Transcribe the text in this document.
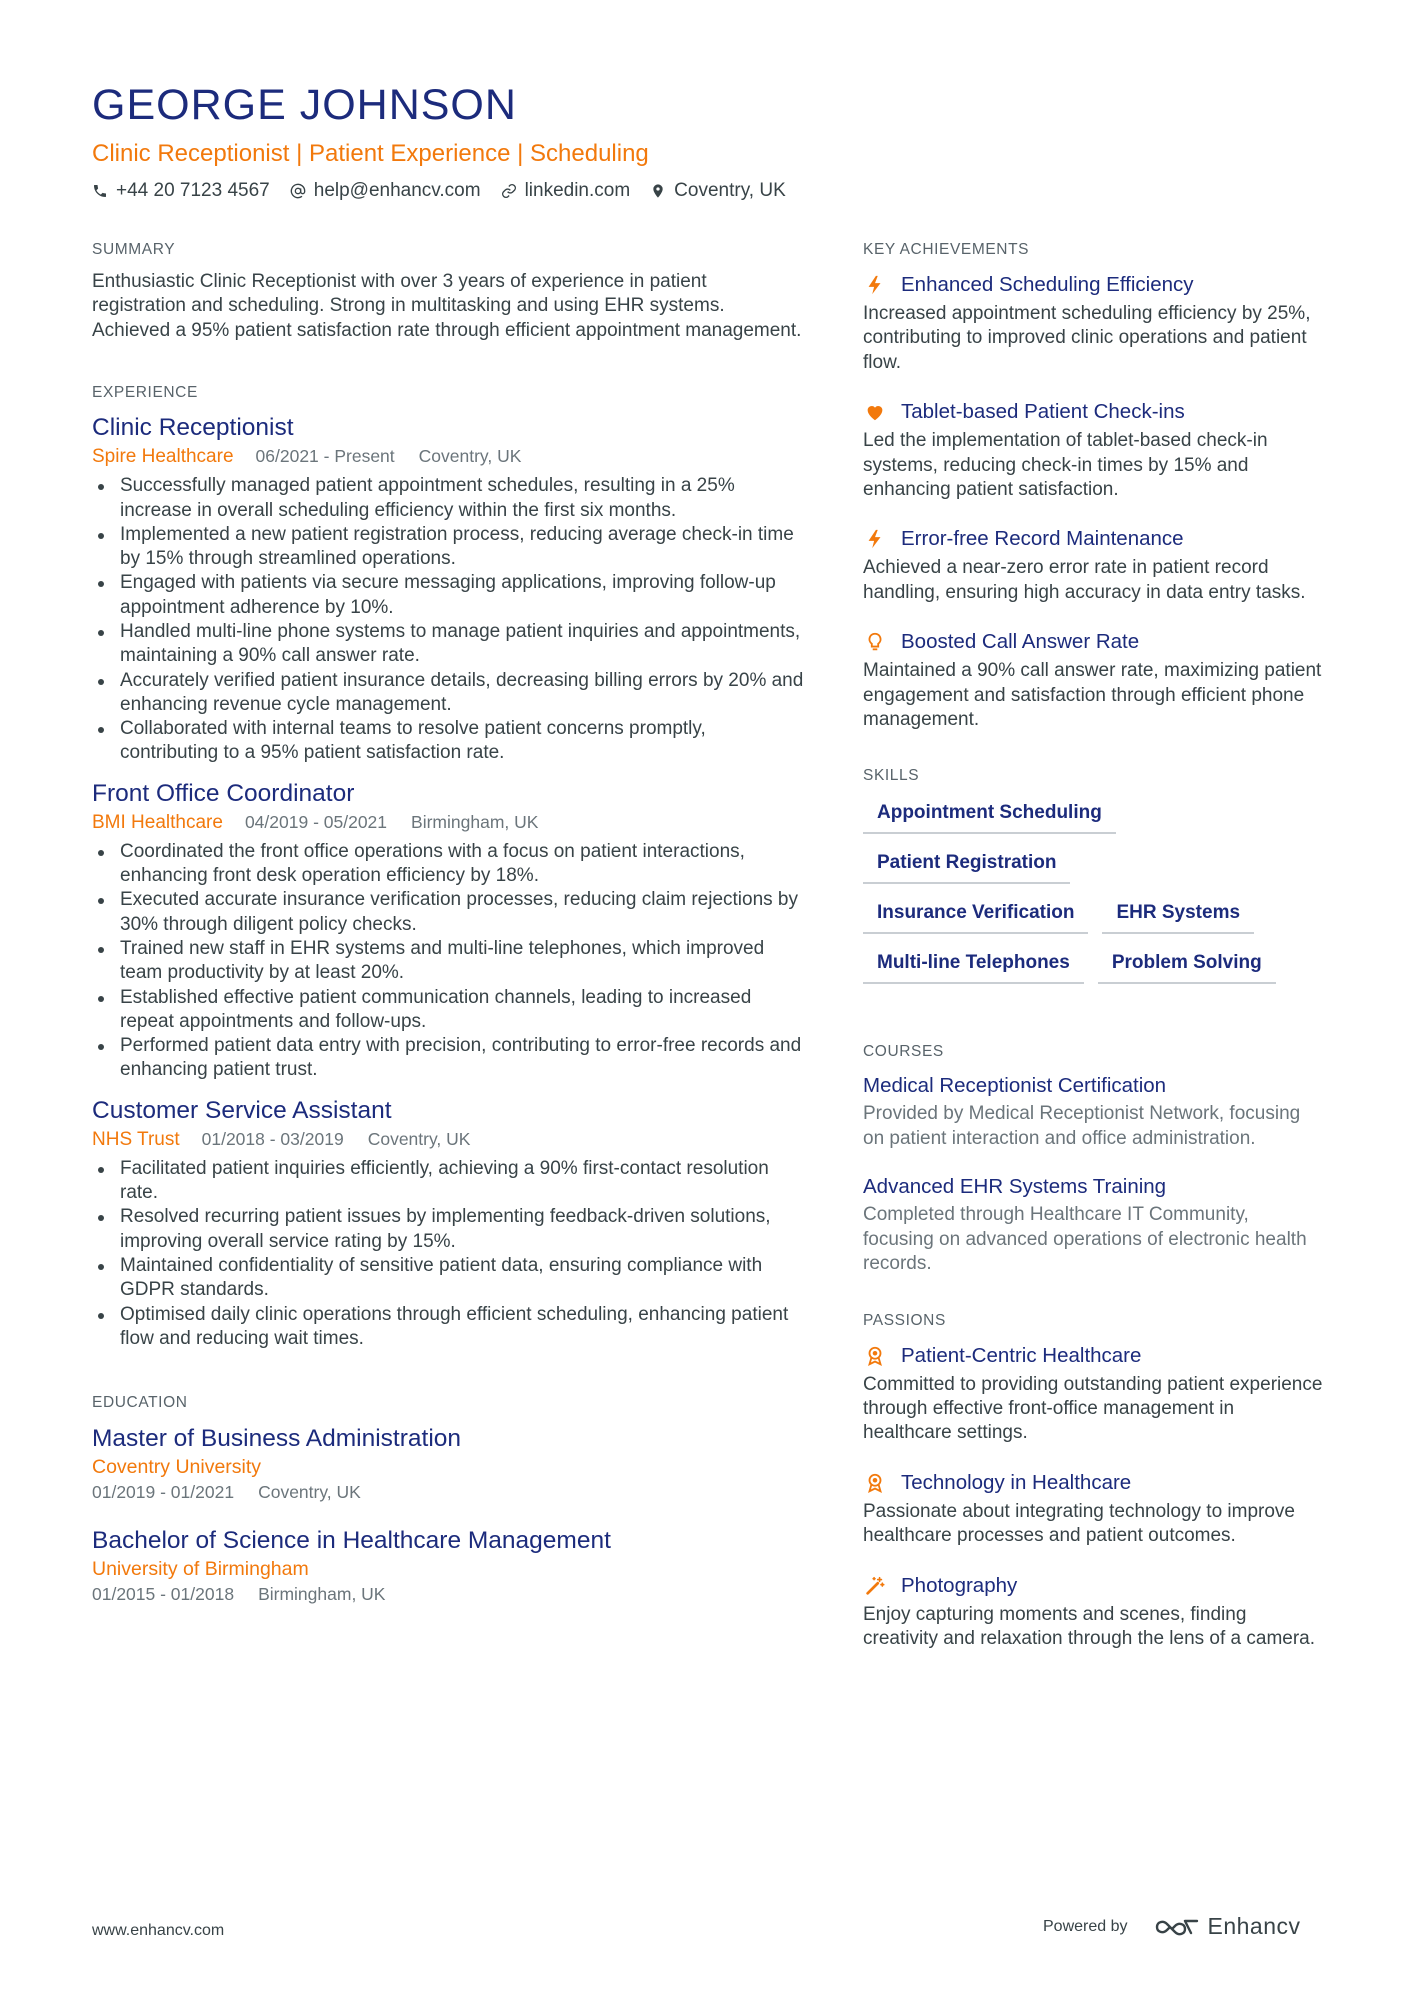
GEORGE JOHNSON
Clinic Receptionist | Patient Experience | Scheduling
+44 20 7123 4567 help@enhancv.com linkedin.com Coventry, UK
SUMMARY
Enthusiastic Clinic Receptionist with over 3 years of experience in patient registration and scheduling. Strong in multitasking and using EHR systems. Achieved a 95% patient satisfaction rate through efficient appointment management.
EXPERIENCE
Clinic Receptionist
Spire Healthcare 06/2021 - Present Coventry, UK
Successfully managed patient appointment schedules, resulting in a 25% increase in overall scheduling efficiency within the first six months.
Implemented a new patient registration process, reducing average check-in time by 15% through streamlined operations.
Engaged with patients via secure messaging applications, improving follow-up appointment adherence by 10%.
Handled multi-line phone systems to manage patient inquiries and appointments, maintaining a 90% call answer rate.
Accurately verified patient insurance details, decreasing billing errors by 20% and enhancing revenue cycle management.
Collaborated with internal teams to resolve patient concerns promptly, contributing to a 95% patient satisfaction rate.
Front Office Coordinator
BMI Healthcare 04/2019 - 05/2021 Birmingham, UK
Coordinated the front office operations with a focus on patient interactions, enhancing front desk operation efficiency by 18%.
Executed accurate insurance verification processes, reducing claim rejections by 30% through diligent policy checks.
Trained new staff in EHR systems and multi-line telephones, which improved team productivity by at least 20%.
Established effective patient communication channels, leading to increased repeat appointments and follow-ups.
Performed patient data entry with precision, contributing to error-free records and enhancing patient trust.
Customer Service Assistant
NHS Trust 01/2018 - 03/2019 Coventry, UK
Facilitated patient inquiries efficiently, achieving a 90% first-contact resolution rate.
Resolved recurring patient issues by implementing feedback-driven solutions, improving overall service rating by 15%.
Maintained confidentiality of sensitive patient data, ensuring compliance with GDPR standards.
Optimised daily clinic operations through efficient scheduling, enhancing patient flow and reducing wait times.
EDUCATION
Master of Business Administration
Coventry University
01/2019 - 01/2021 Coventry, UK
Bachelor of Science in Healthcare Management
University of Birmingham
01/2015 - 01/2018 Birmingham, UK
KEY ACHIEVEMENTS
Enhanced Scheduling Efficiency
Increased appointment scheduling efficiency by 25%, contributing to improved clinic operations and patient flow.
Tablet-based Patient Check-ins
Led the implementation of tablet-based check-in systems, reducing check-in times by 15% and enhancing patient satisfaction.
Error-free Record Maintenance
Achieved a near-zero error rate in patient record handling, ensuring high accuracy in data entry tasks.
Boosted Call Answer Rate
Maintained a 90% call answer rate, maximizing patient engagement and satisfaction through efficient phone management.
SKILLS
Appointment Scheduling
Patient Registration
Insurance Verification	EHR Systems
Multi-line Telephones	Problem Solving
COURSES
Medical Receptionist Certification
Provided by Medical Receptionist Network, focusing on patient interaction and office administration.
Advanced EHR Systems Training
Completed through Healthcare IT Community, focusing on advanced operations of electronic health records.
PASSIONS
Patient-Centric Healthcare
Committed to providing outstanding patient experience through effective front-office management in healthcare settings.
Technology in Healthcare
Passionate about integrating technology to improve healthcare processes and patient outcomes.
Photography
Enjoy capturing moments and scenes, finding creativity and relaxation through the lens of a camera.
www.enhancv.com	Powered by	Enhancv
